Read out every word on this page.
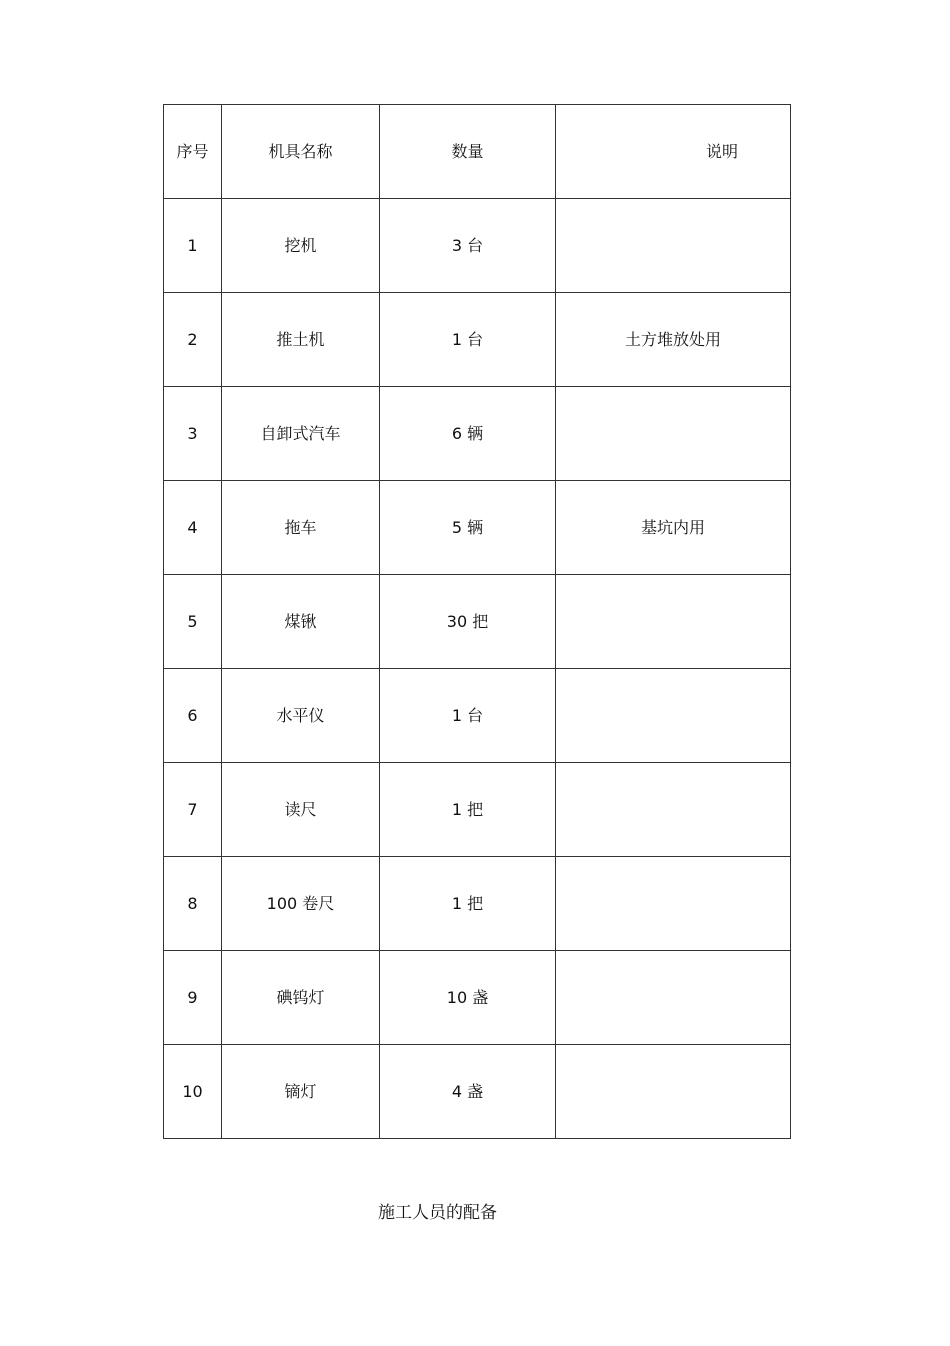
序号	机具名称	数量	说明
1	挖机	3 台	
2	推土机	1 台	土方堆放处用
3	自卸式汽车	6 辆	
4	拖车	5 辆	基坑内用
5	煤锹	30 把	
6	水平仪	1 台	
7	读尺	1 把	
8	100 卷尺	1 把	
9	碘钨灯	10 盏	
10	镝灯	4 盏	
施工人员的配备
